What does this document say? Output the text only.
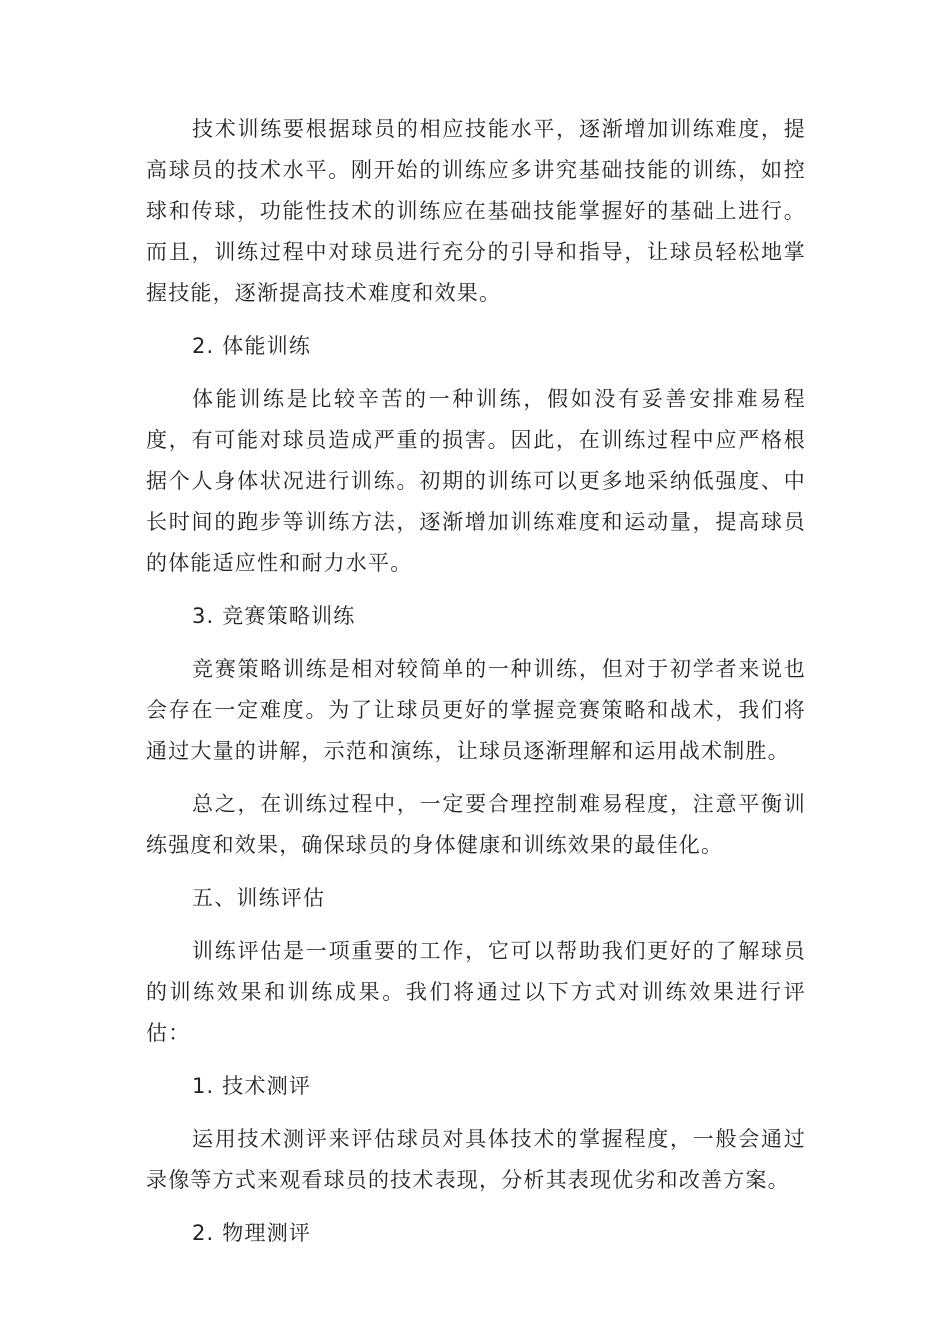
技术训练要根据球员的相应技能水平，逐渐增加训练难度，提高球员的技术水平。刚开始的训练应多讲究基础技能的训练，如控球和传球，功能性技术的训练应在基础技能掌握好的基础上进行。而且，训练过程中对球员进行充分的引导和指导，让球员轻松地掌握技能，逐渐提高技术难度和效果。

2. 体能训练

体能训练是比较辛苦的一种训练，假如没有妥善安排难易程度，有可能对球员造成严重的损害。因此，在训练过程中应严格根据个人身体状况进行训练。初期的训练可以更多地采纳低强度、中长时间的跑步等训练方法，逐渐增加训练难度和运动量，提高球员的体能适应性和耐力水平。

3. 竞赛策略训练

竞赛策略训练是相对较简单的一种训练，但对于初学者来说也会存在一定难度。为了让球员更好的掌握竞赛策略和战术，我们将通过大量的讲解，示范和演练，让球员逐渐理解和运用战术制胜。

总之，在训练过程中，一定要合理控制难易程度，注意平衡训练强度和效果，确保球员的身体健康和训练效果的最佳化。

五、训练评估

训练评估是一项重要的工作，它可以帮助我们更好的了解球员的训练效果和训练成果。我们将通过以下方式对训练效果进行评估：

1. 技术测评

运用技术测评来评估球员对具体技术的掌握程度，一般会通过录像等方式来观看球员的技术表现，分析其表现优劣和改善方案。

2. 物理测评
